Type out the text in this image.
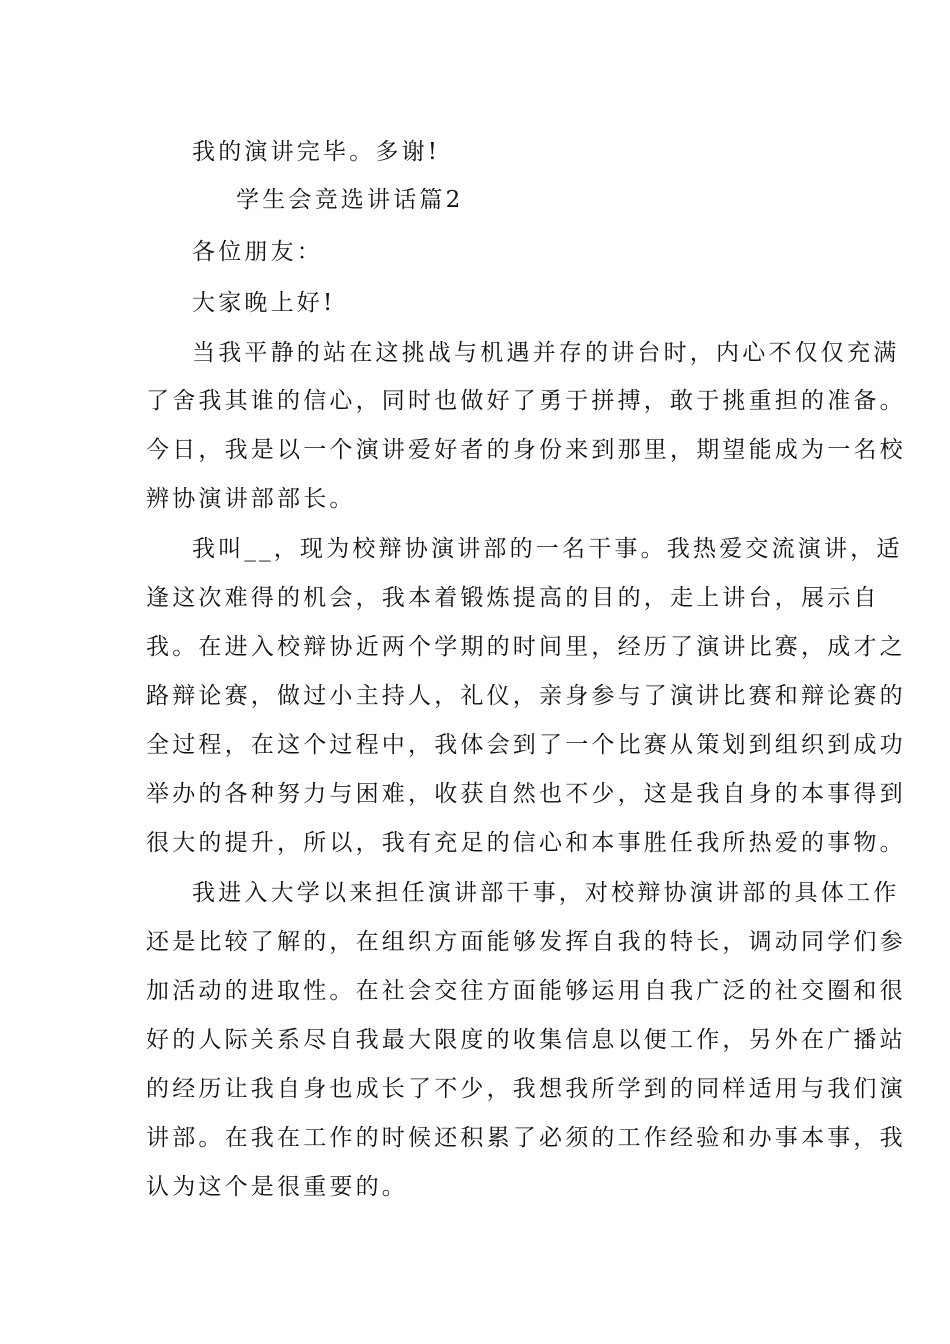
我的演讲完毕。多谢!

学生会竞选讲话篇2

各位朋友：

大家晚上好!

当我平静的站在这挑战与机遇并存的讲台时，内心不仅仅充满

了舍我其谁的信心，同时也做好了勇于拼搏，敢于挑重担的准备。

今日，我是以一个演讲爱好者的身份来到那里，期望能成为一名校

辨协演讲部部长。

我叫__，现为校辩协演讲部的一名干事。我热爱交流演讲，适

逢这次难得的机会，我本着锻炼提高的目的，走上讲台，展示自

我。在进入校辩协近两个学期的时间里，经历了演讲比赛，成才之

路辩论赛，做过小主持人，礼仪，亲身参与了演讲比赛和辩论赛的

全过程，在这个过程中，我体会到了一个比赛从策划到组织到成功

举办的各种努力与困难，收获自然也不少，这是我自身的本事得到

很大的提升，所以，我有充足的信心和本事胜任我所热爱的事物。

我进入大学以来担任演讲部干事，对校辩协演讲部的具体工作

还是比较了解的，在组织方面能够发挥自我的特长，调动同学们参

加活动的进取性。在社会交往方面能够运用自我广泛的社交圈和很

好的人际关系尽自我最大限度的收集信息以便工作，另外在广播站

的经历让我自身也成长了不少，我想我所学到的同样适用与我们演

讲部。在我在工作的时候还积累了必须的工作经验和办事本事，我

认为这个是很重要的。
